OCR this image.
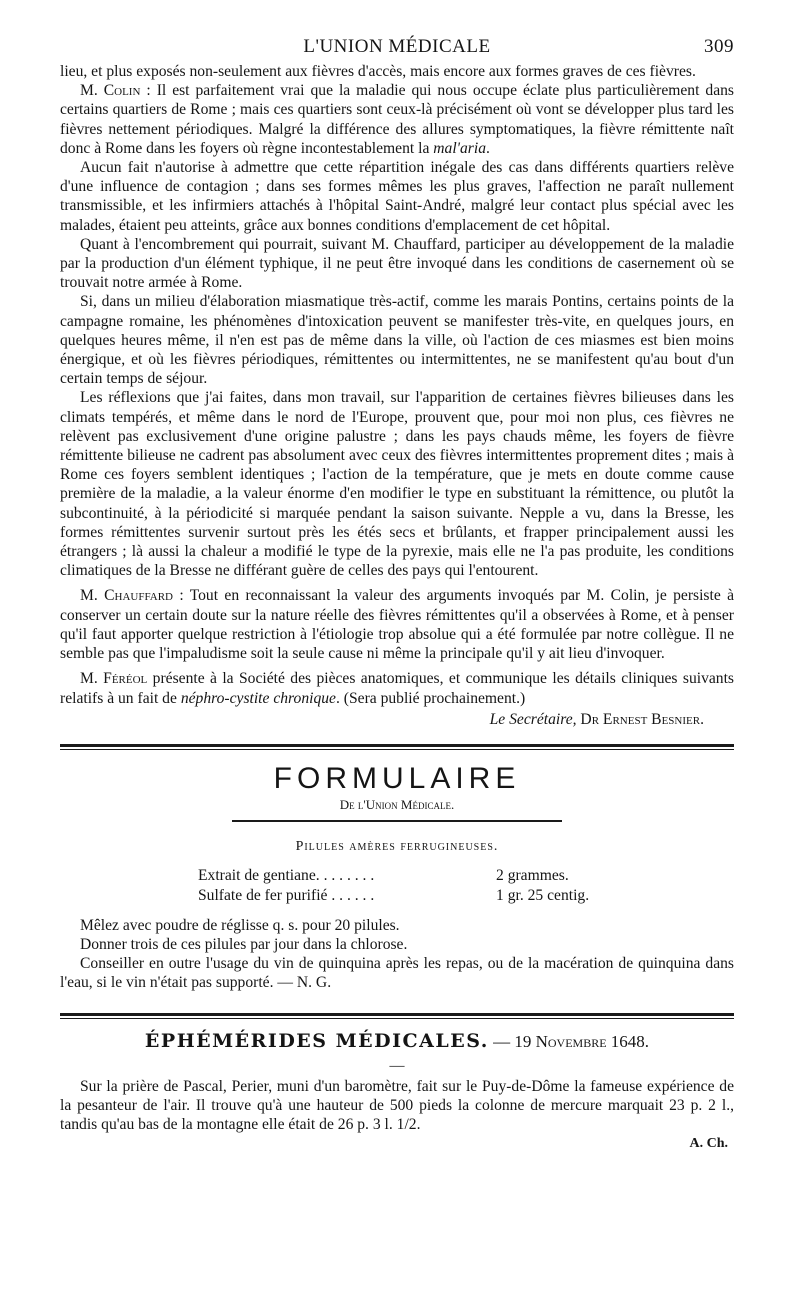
L'UNION MÉDICALE	309

lieu, et plus exposés non-seulement aux fièvres d'accès, mais encore aux formes graves de ces fièvres.

M. Colin : Il est parfaitement vrai que la maladie qui nous occupe éclate plus particulièrement dans certains quartiers de Rome ; mais ces quartiers sont ceux-là précisément où vont se développer plus tard les fièvres nettement périodiques. Malgré la différence des allures symptomatiques, la fièvre rémittente naît donc à Rome dans les foyers où règne incontestablement la mal'aria.

Aucun fait n'autorise à admettre que cette répartition inégale des cas dans différents quartiers relève d'une influence de contagion ; dans ses formes mêmes les plus graves, l'affection ne paraît nullement transmissible, et les infirmiers attachés à l'hôpital Saint-André, malgré leur contact plus spécial avec les malades, étaient peu atteints, grâce aux bonnes conditions d'emplacement de cet hôpital.

Quant à l'encombrement qui pourrait, suivant M. Chauffard, participer au développement de la maladie par la production d'un élément typhique, il ne peut être invoqué dans les conditions de casernement où se trouvait notre armée à Rome.

Si, dans un milieu d'élaboration miasmatique très-actif, comme les marais Pontins, certains points de la campagne romaine, les phénomènes d'intoxication peuvent se manifester très-vite, en quelques jours, en quelques heures même, il n'en est pas de même dans la ville, où l'action de ces miasmes est bien moins énergique, et où les fièvres périodiques, rémittentes ou intermittentes, ne se manifestent qu'au bout d'un certain temps de séjour.

Les réflexions que j'ai faites, dans mon travail, sur l'apparition de certaines fièvres bilieuses dans les climats tempérés, et même dans le nord de l'Europe, prouvent que, pour moi non plus, ces fièvres ne relèvent pas exclusivement d'une origine palustre ; dans les pays chauds même, les foyers de fièvre rémittente bilieuse ne cadrent pas absolument avec ceux des fièvres intermittentes proprement dites ; mais à Rome ces foyers semblent identiques ; l'action de la température, que je mets en doute comme cause première de la maladie, a la valeur énorme d'en modifier le type en substituant la rémittence, ou plutôt la subcontinuité, à la périodicité si marquée pendant la saison suivante. Nepple a vu, dans la Bresse, les formes rémittentes survenir surtout près les étés secs et brûlants, et frapper principalement aussi les étrangers ; là aussi la chaleur a modifié le type de la pyrexie, mais elle ne l'a pas produite, les conditions climatiques de la Bresse ne différant guère de celles des pays qui l'entourent.

M. Chauffard : Tout en reconnaissant la valeur des arguments invoqués par M. Colin, je persiste à conserver un certain doute sur la nature réelle des fièvres rémittentes qu'il a observées à Rome, et à penser qu'il faut apporter quelque restriction à l'étiologie trop absolue qui a été formulée par notre collègue. Il ne semble pas que l'impaludisme soit la seule cause ni même la principale qu'il y ait lieu d'invoquer.

M. Féréol présente à la Société des pièces anatomiques, et communique les détails cliniques suivants relatifs à un fait de néphro-cystite chronique. (Sera publié prochainement.)

Le Secrétaire, Dr Ernest Besnier.
FORMULAIRE
De l'Union Médicale.
Pilules amères ferrugineuses.
Extrait de gentiane. . . . . . . .	2 grammes.
Sulfate de fer purifié . . . . . .	1 gr. 25 centig.

Mêlez avec poudre de réglisse q. s. pour 20 pilules.

Donner trois de ces pilules par jour dans la chlorose.

Conseiller en outre l'usage du vin de quinquina après les repas, ou de la macération de quinquina dans l'eau, si le vin n'était pas supporté. — N. G.

ÉPHÉMÉRIDES MÉDICALES. — 19 Novembre 1648.
—

Sur la prière de Pascal, Perier, muni d'un baromètre, fait sur le Puy-de-Dôme la fameuse expérience de la pesanteur de l'air. Il trouve qu'à une hauteur de 500 pieds la colonne de mercure marquait 23 p. 2 l., tandis qu'au bas de la montagne elle était de 26 p. 3 l. 1/2.

A. Ch.
